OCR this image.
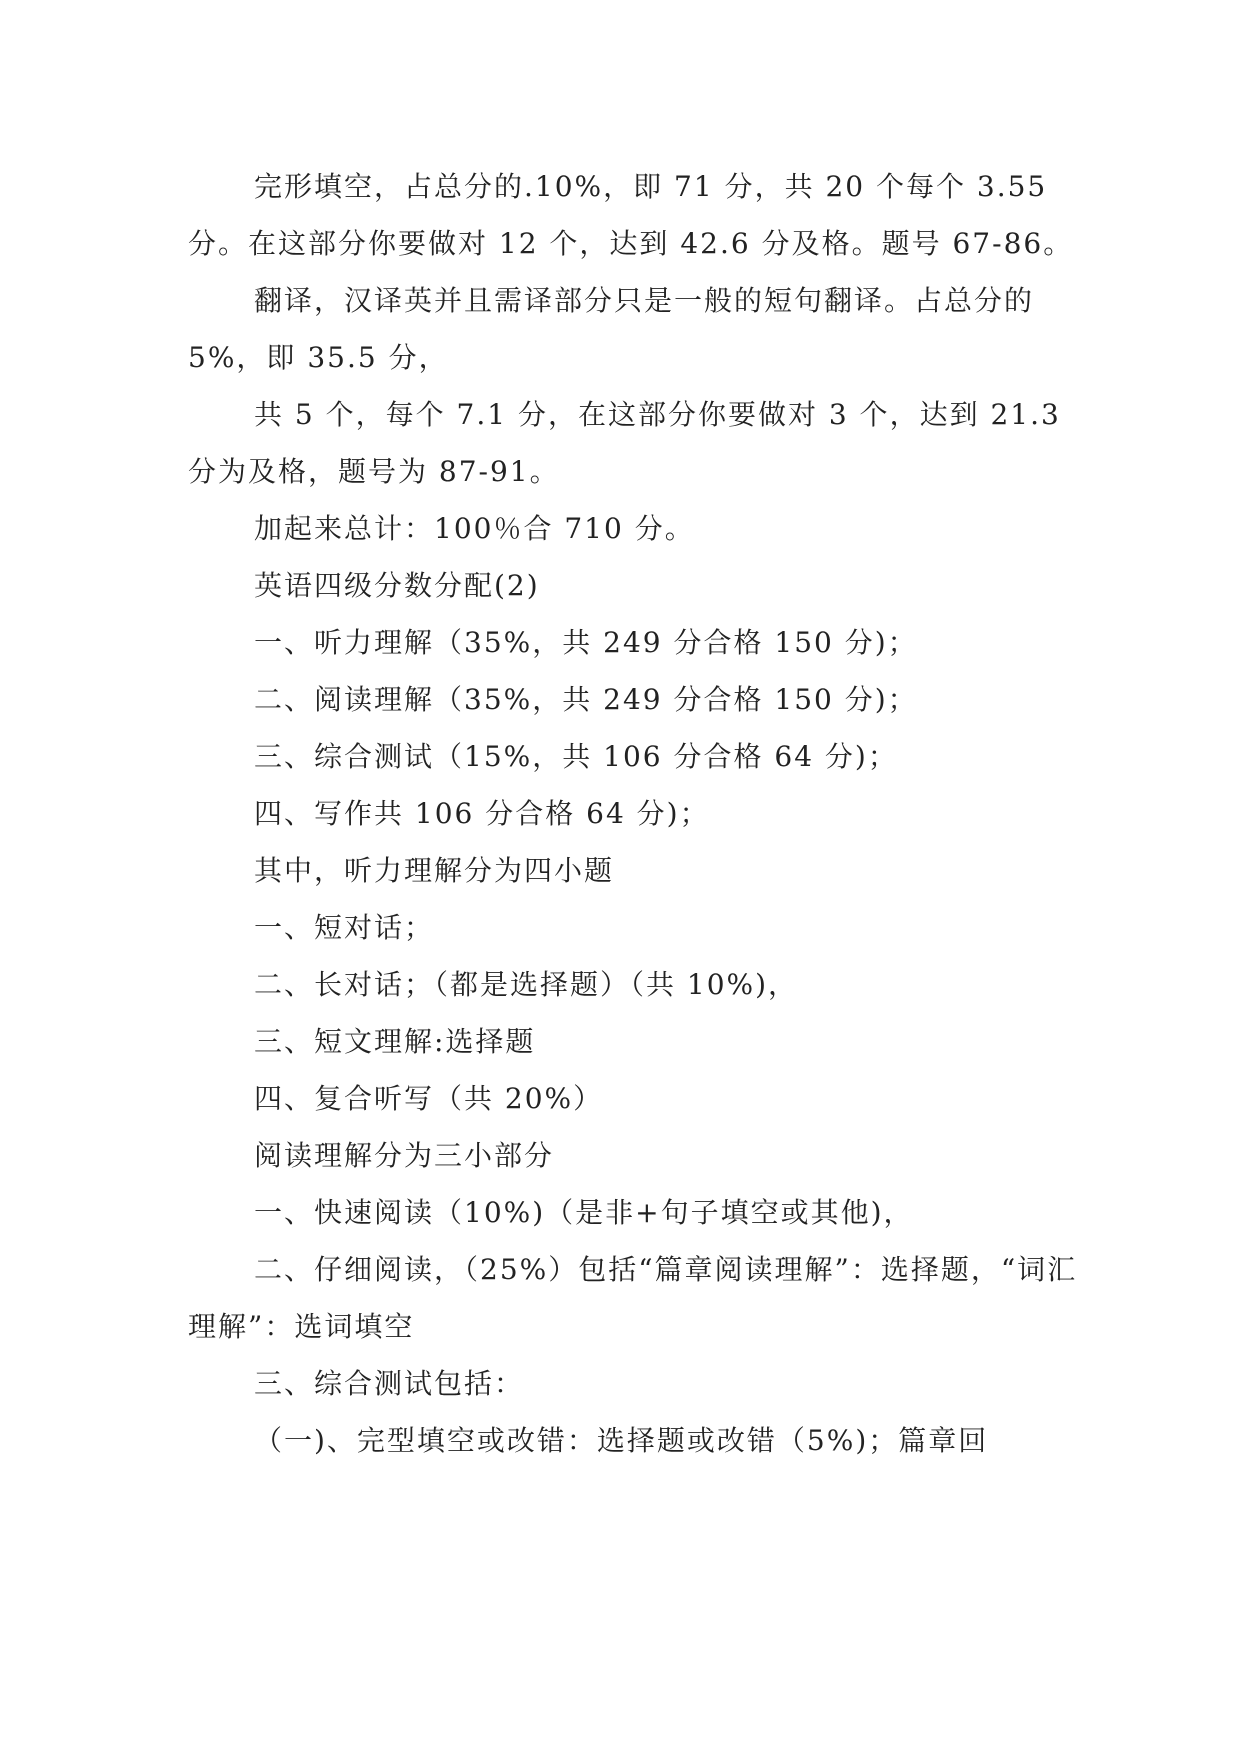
完形填空，占总分的.10%，即 71 分，共 20 个每个 3.55 分。在这部分你要做对 12 个，达到 42.6 分及格。题号 67-86。

翻译，汉译英并且需译部分只是一般的短句翻译。占总分的 5%，即 35.5 分，

共 5 个，每个 7.1 分，在这部分你要做对 3 个，达到 21.3 分为及格，题号为 87-91。

加起来总计：100％合 710 分。

英语四级分数分配(2)

一、听力理解（35%，共 249 分合格 150 分)；

二、阅读理解（35%，共 249 分合格 150 分)；

三、综合测试（15%，共 106 分合格 64 分)；

四、写作共 106 分合格 64 分)；

其中，听力理解分为四小题

一、短对话；

二、长对话；（都是选择题）（共 10%)，

三、短文理解:选择题

四、复合听写（共 20%）

阅读理解分为三小部分

一、快速阅读（10%)（是非+句子填空或其他)，

二、仔细阅读，（25%）包括“篇章阅读理解”：选择题，“词汇理解”：选词填空

三、综合测试包括：

（一)、完型填空或改错：选择题或改错（5%)；篇章回
